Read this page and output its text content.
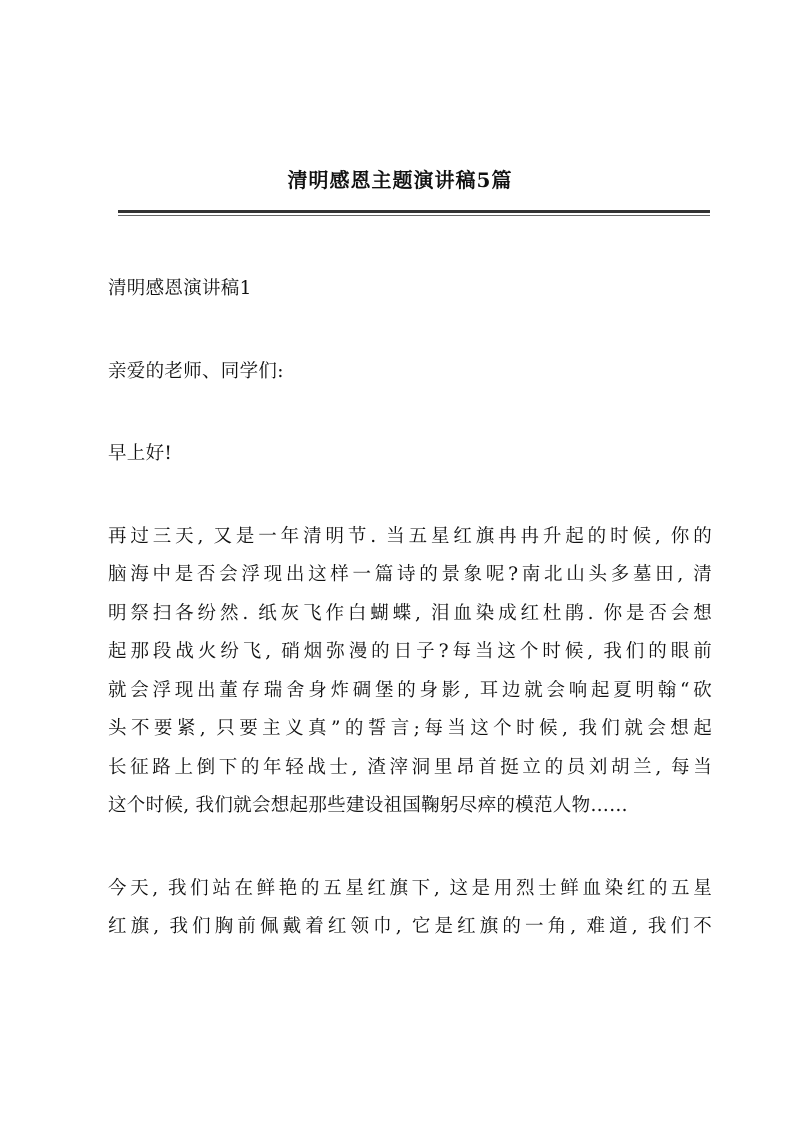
清明感恩主题演讲稿5篇
清明感恩演讲稿1
亲爱的老师、同学们:
早上好!
再过三天, 又是一年清明节. 当五星红旗冉冉升起的时候, 你的
脑海中是否会浮现出这样一篇诗的景象呢?南北山头多墓田, 清
明祭扫各纷然. 纸灰飞作白蝴蝶, 泪血染成红杜鹃. 你是否会想
起那段战火纷飞, 硝烟弥漫的日子?每当这个时候, 我们的眼前
就会浮现出董存瑞舍身炸碉堡的身影, 耳边就会响起夏明翰“砍
头不要紧, 只要主义真”的誓言;每当这个时候, 我们就会想起
长征路上倒下的年轻战士, 渣滓洞里昂首挺立的员刘胡兰, 每当
这个时候, 我们就会想起那些建设祖国鞠躬尽瘁的模范人物……
今天, 我们站在鲜艳的五星红旗下, 这是用烈士鲜血染红的五星
红旗, 我们胸前佩戴着红领巾, 它是红旗的一角, 难道, 我们不
